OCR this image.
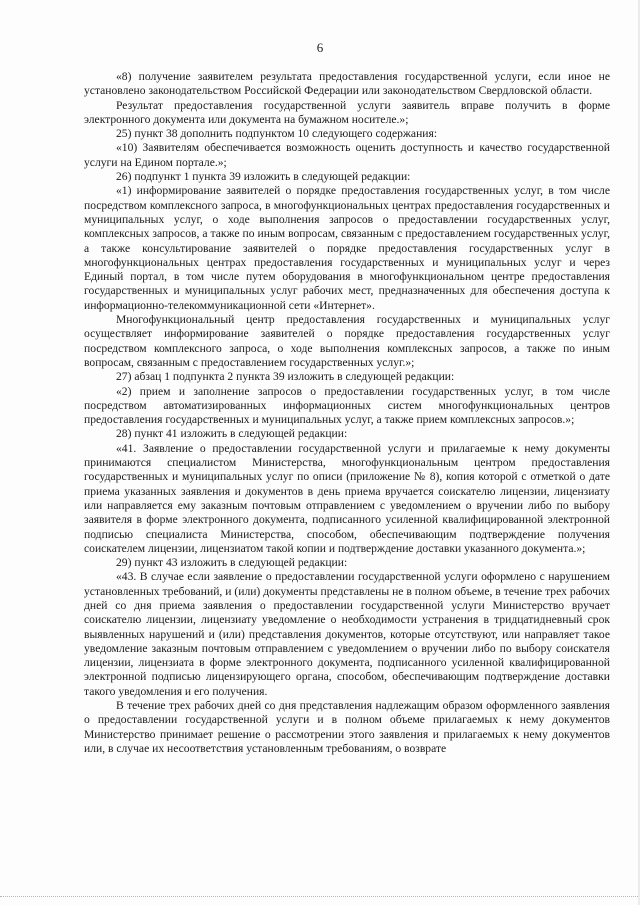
6

«8) получение заявителем результата предоставления государственной услуги, если иное не установлено законодательством Российской Федерации или законодательством Свердловской области.

Результат предоставления государственной услуги заявитель вправе получить в форме электронного документа или документа на бумажном носителе.»;

25) пункт 38 дополнить подпунктом 10 следующего содержания:

«10) Заявителям обеспечивается возможность оценить доступность и качество государственной услуги на Едином портале.»;

26) подпункт 1 пункта 39 изложить в следующей редакции:

«1) информирование заявителей о порядке предоставления государственных услуг, в том числе посредством комплексного запроса, в многофункциональных центрах предоставления государственных и муниципальных услуг, о ходе выполнения запросов о предоставлении государственных услуг, комплексных запросов, а также по иным вопросам, связанным с предоставлением государственных услуг, а также консультирование заявителей о порядке предоставления государственных услуг в многофункциональных центрах предоставления государственных и муниципальных услуг и через Единый портал, в том числе путем оборудования в многофункциональном центре предоставления государственных и муниципальных услуг рабочих мест, предназначенных для обеспечения доступа к информационно-телекоммуникационной сети «Интернет».

Многофункциональный центр предоставления государственных и муниципальных услуг осуществляет информирование заявителей о порядке предоставления государственных услуг посредством комплексного запроса, о ходе выполнения комплексных запросов, а также по иным вопросам, связанным с предоставлением государственных услуг.»;

27) абзац 1 подпункта 2 пункта 39 изложить в следующей редакции:

«2) прием и заполнение запросов о предоставлении государственных услуг, в том числе посредством автоматизированных информационных систем многофункциональных центров предоставления государственных и муниципальных услуг, а также прием комплексных запросов.»;

28) пункт 41 изложить в следующей редакции:

«41. Заявление о предоставлении государственной услуги и прилагаемые к нему документы принимаются специалистом Министерства, многофункциональным центром предоставления государственных и муниципальных услуг по описи (приложение № 8), копия которой с отметкой о дате приема указанных заявления и документов в день приема вручается соискателю лицензии, лицензиату или направляется ему заказным почтовым отправлением с уведомлением о вручении либо по выбору заявителя в форме электронного документа, подписанного усиленной квалифицированной электронной подписью специалиста Министерства, способом, обеспечивающим подтверждение получения соискателем лицензии, лицензиатом такой копии и подтверждение доставки указанного документа.»;

29) пункт 43 изложить в следующей редакции:

«43. В случае если заявление о предоставлении государственной услуги оформлено с нарушением установленных требований, и (или) документы представлены не в полном объеме, в течение трех рабочих дней со дня приема заявления о предоставлении государственной услуги Министерство вручает соискателю лицензии, лицензиату уведомление о необходимости устранения в тридцатидневный срок выявленных нарушений и (или) представления документов, которые отсутствуют, или направляет такое уведомление заказным почтовым отправлением с уведомлением о вручении либо по выбору соискателя лицензии, лицензиата в форме электронного документа, подписанного усиленной квалифицированной электронной подписью лицензирующего органа, способом, обеспечивающим подтверждение доставки такого уведомления и его получения.

В течение трех рабочих дней со дня представления надлежащим образом оформленного заявления о предоставлении государственной услуги и в полном объеме прилагаемых к нему документов Министерство принимает решение о рассмотрении этого заявления и прилагаемых к нему документов или, в случае их несоответствия установленным требованиям, о возврате
